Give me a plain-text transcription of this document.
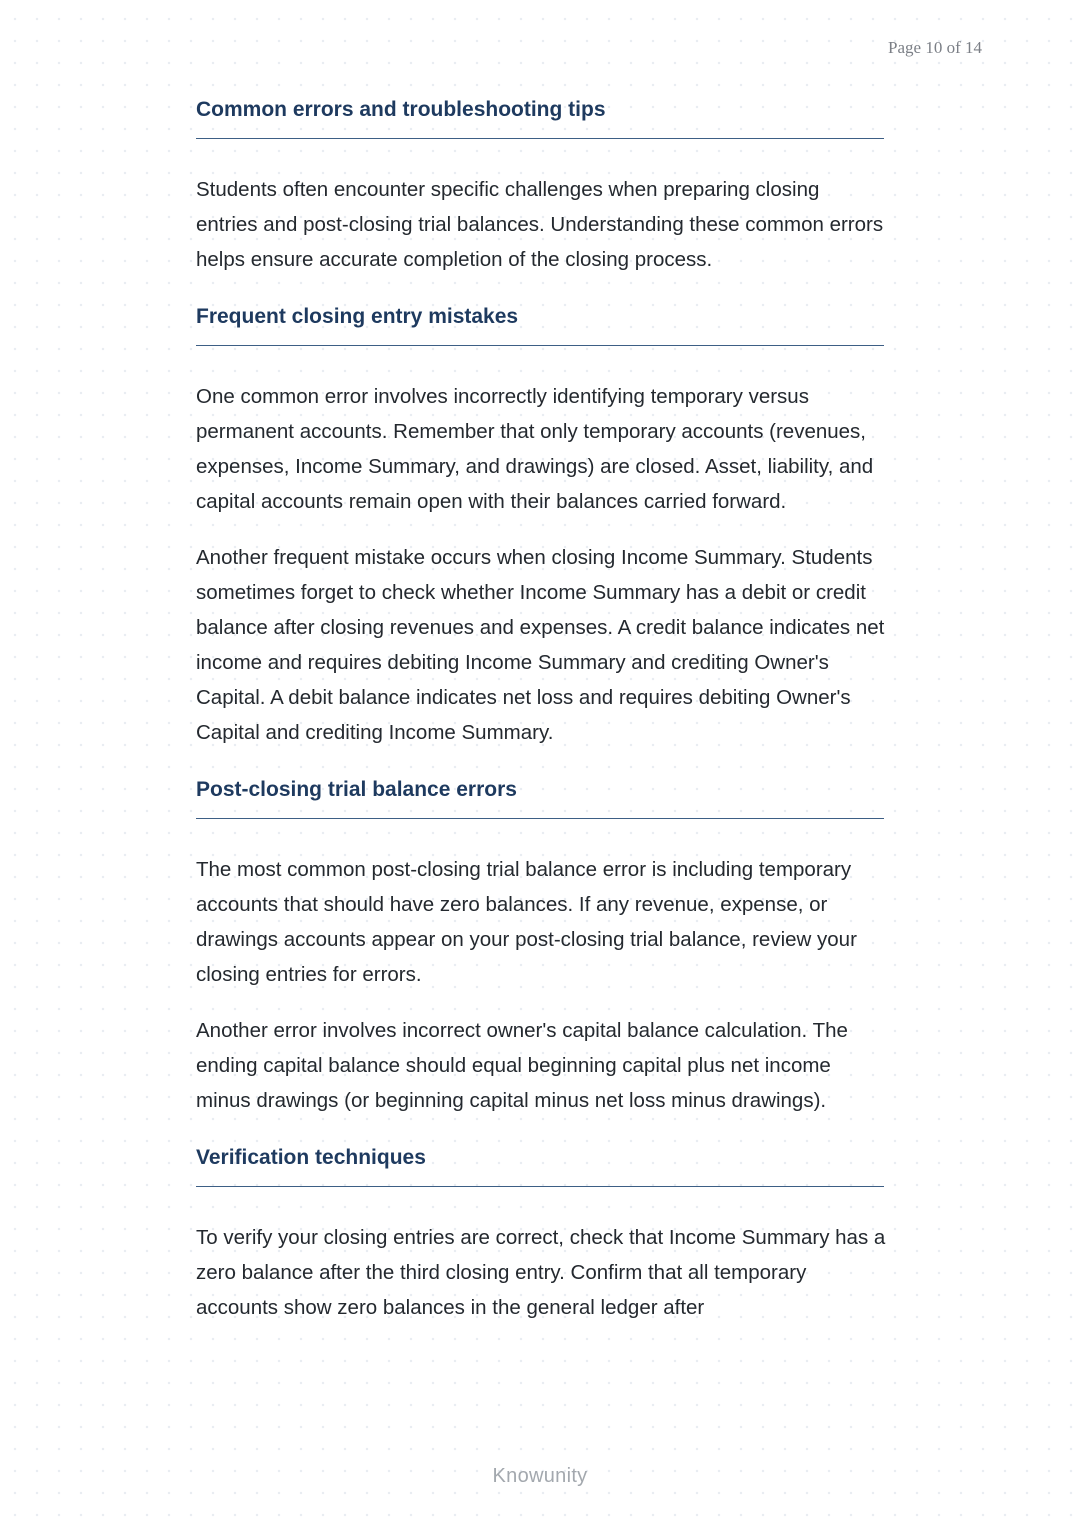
Page 10 of 14
Common errors and troubleshooting tips

Students often encounter specific challenges when preparing closing entries and post-closing trial balances. Understanding these common errors helps ensure accurate completion of the closing process.

Frequent closing entry mistakes

One common error involves incorrectly identifying temporary versus permanent accounts. Remember that only temporary accounts (revenues, expenses, Income Summary, and drawings) are closed. Asset, liability, and capital accounts remain open with their balances carried forward.

Another frequent mistake occurs when closing Income Summary. Students sometimes forget to check whether Income Summary has a debit or credit balance after closing revenues and expenses. A credit balance indicates net income and requires debiting Income Summary and crediting Owner's Capital. A debit balance indicates net loss and requires debiting Owner's Capital and crediting Income Summary.

Post-closing trial balance errors

The most common post-closing trial balance error is including temporary accounts that should have zero balances. If any revenue, expense, or drawings accounts appear on your post-closing trial balance, review your closing entries for errors.

Another error involves incorrect owner's capital balance calculation. The ending capital balance should equal beginning capital plus net income minus drawings (or beginning capital minus net loss minus drawings).

Verification techniques

To verify your closing entries are correct, check that Income Summary has a zero balance after the third closing entry. Confirm that all temporary accounts show zero balances in the general ledger after

Knowunity
